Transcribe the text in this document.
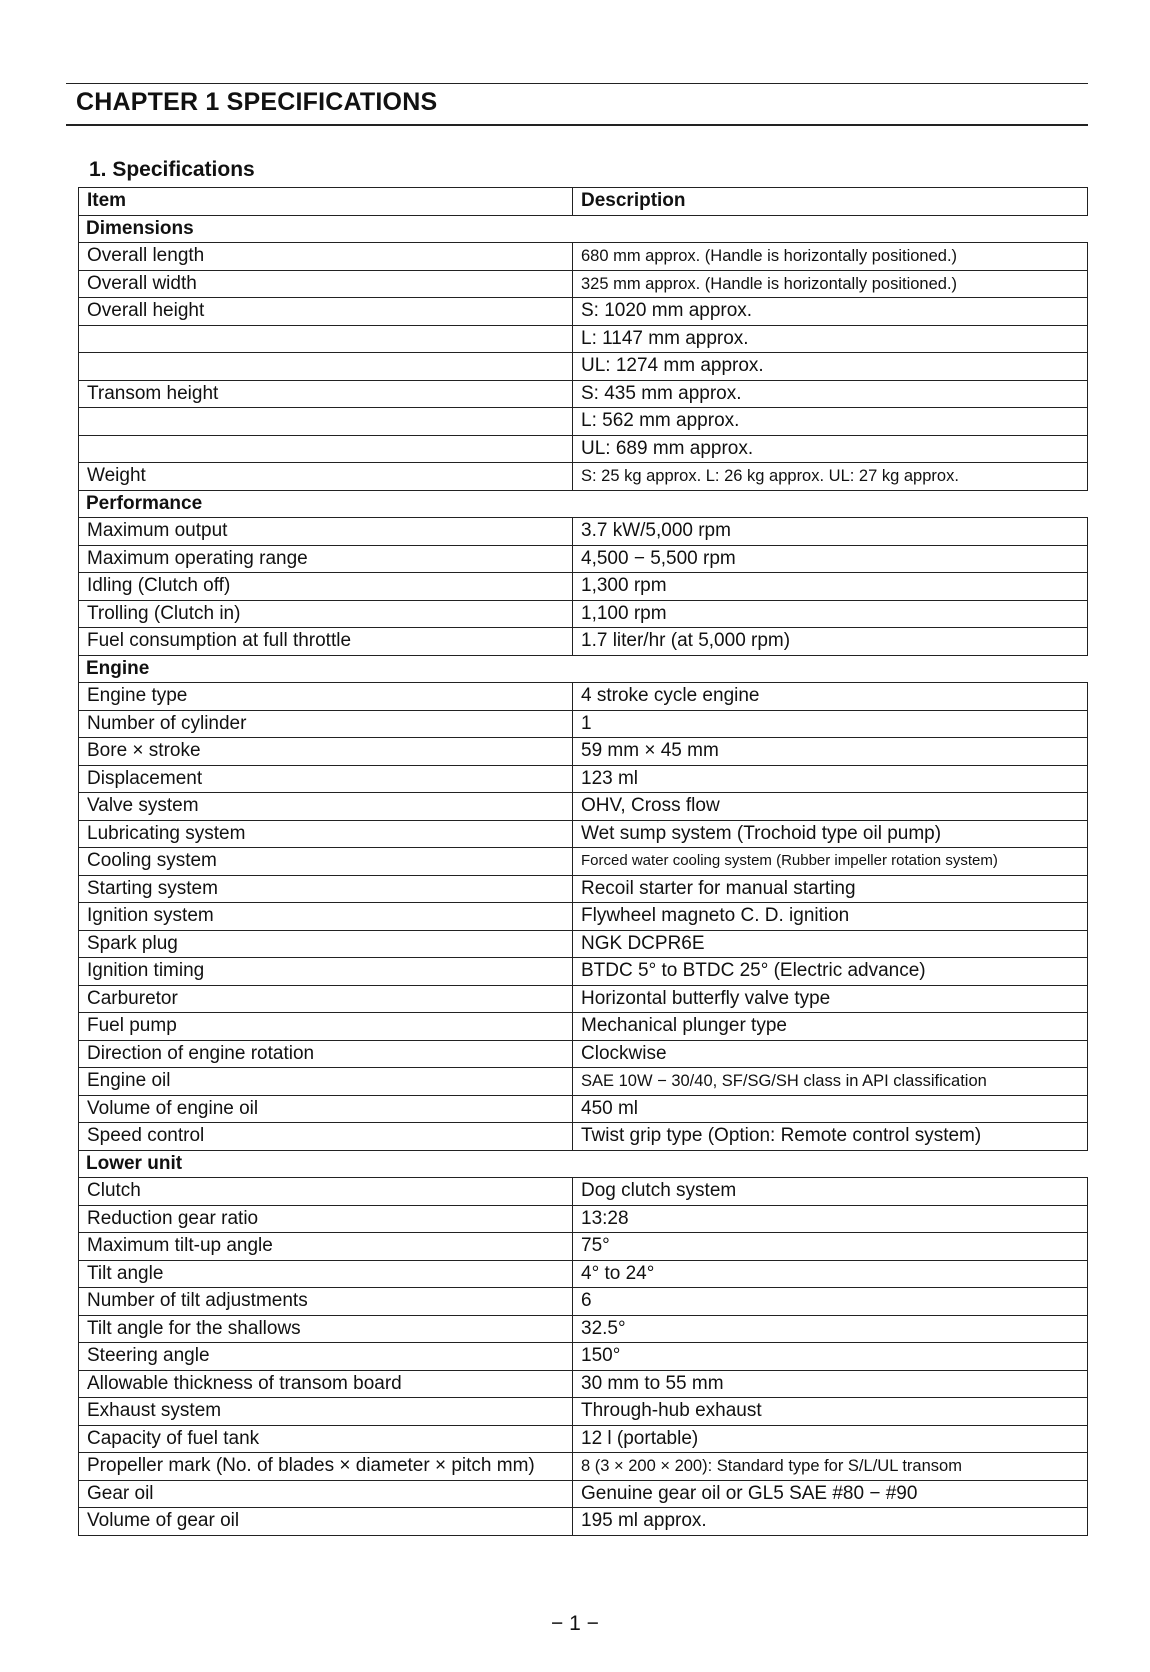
CHAPTER 1 SPECIFICATIONS
1. Specifications
Item	Description
Dimensions	
Overall length	680 mm approx. (Handle is horizontally positioned.)
Overall width	325 mm approx. (Handle is horizontally positioned.)
Overall height	S: 1020 mm approx.
	L: 1147 mm approx.
	UL: 1274 mm approx.
Transom height	S: 435 mm approx.
	L: 562 mm approx.
	UL: 689 mm approx.
Weight	S: 25 kg approx. L: 26 kg approx. UL: 27 kg approx.
Performance	
Maximum output	3.7 kW/5,000 rpm
Maximum operating range	4,500 − 5,500 rpm
Idling (Clutch off)	1,300 rpm
Trolling (Clutch in)	1,100 rpm
Fuel consumption at full throttle	1.7 liter/hr (at 5,000 rpm)
Engine	
Engine type	4 stroke cycle engine
Number of cylinder	1
Bore × stroke	59 mm × 45 mm
Displacement	123 ml
Valve system	OHV, Cross flow
Lubricating system	Wet sump system (Trochoid type oil pump)
Cooling system	Forced water cooling system (Rubber impeller rotation system)
Starting system	Recoil starter for manual starting
Ignition system	Flywheel magneto C. D. ignition
Spark plug	NGK DCPR6E
Ignition timing	BTDC 5° to BTDC 25° (Electric advance)
Carburetor	Horizontal butterfly valve type
Fuel pump	Mechanical plunger type
Direction of engine rotation	Clockwise
Engine oil	SAE 10W − 30/40, SF/SG/SH class in API classification
Volume of engine oil	450 ml
Speed control	Twist grip type (Option: Remote control system)
Lower unit	
Clutch	Dog clutch system
Reduction gear ratio	13:28
Maximum tilt-up angle	75°
Tilt angle	4° to 24°
Number of tilt adjustments	6
Tilt angle for the shallows	32.5°
Steering angle	150°
Allowable thickness of transom board	30 mm to 55 mm
Exhaust system	Through-hub exhaust
Capacity of fuel tank	12 l (portable)
Propeller mark (No. of blades × diameter × pitch mm)	8 (3 × 200 × 200): Standard type for S/L/UL transom
Gear oil	Genuine gear oil or GL5 SAE #80 − #90
Volume of gear oil	195 ml approx.
− 1 −
